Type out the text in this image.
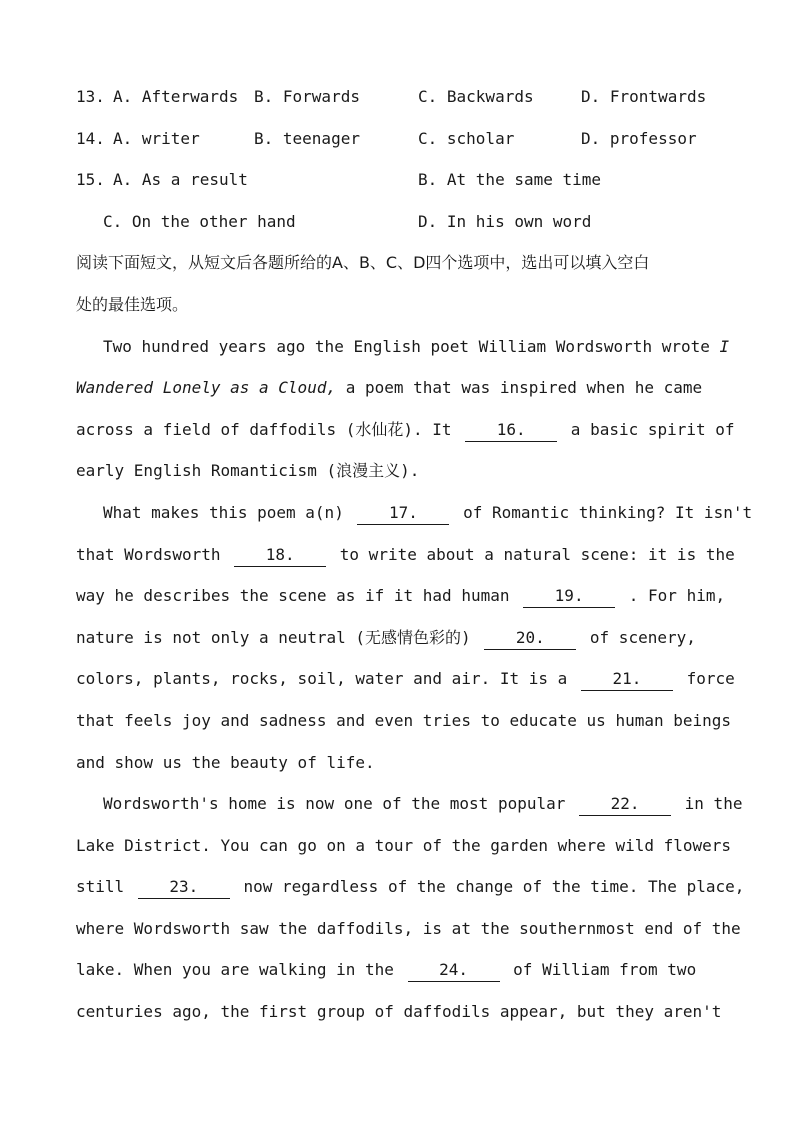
13. A. Afterwards B. Forwards	C. Backwards	D. Frontwards
14. A. writer	B. teenager	C. scholar	D. professor
15. A. As a result	B. At the same time
C. On the other hand	D. In his own word
阅读下面短文，从短文后各题所给的A、B、C、D四个选项中，选出可以填入空白
处的最佳选项。
Two hundred years ago the English poet William Wordsworth wrote I
Wandered Lonely as a Cloud, a poem that was inspired when he came
across a field of daffodils (水仙花). It	16. a basic spirit of
early English Romanticism (浪漫主义).
What makes this poem a(n)	17.	of Romantic thinking? It isn't
that Wordsworth	18.	to write about a natural scene: it is the
way he describes the scene as if it had human	19.	. For him,
nature is not only a neutral (无感情色彩的)	20.	of scenery,
colors, plants, rocks, soil, water and air. It is a	21.	force
that feels joy and sadness and even tries to educate us human beings
and show us the beauty of life.
Wordsworth's home is now one of the most popular	22.	in the
Lake District. You can go on a tour of the garden where wild flowers
still	23.	now regardless of the change of the time. The place,
where Wordsworth saw the daffodils, is at the southernmost end of the
lake. When you are walking in the	24.	of William from two
centuries ago, the first group of daffodils appear, but they aren't
